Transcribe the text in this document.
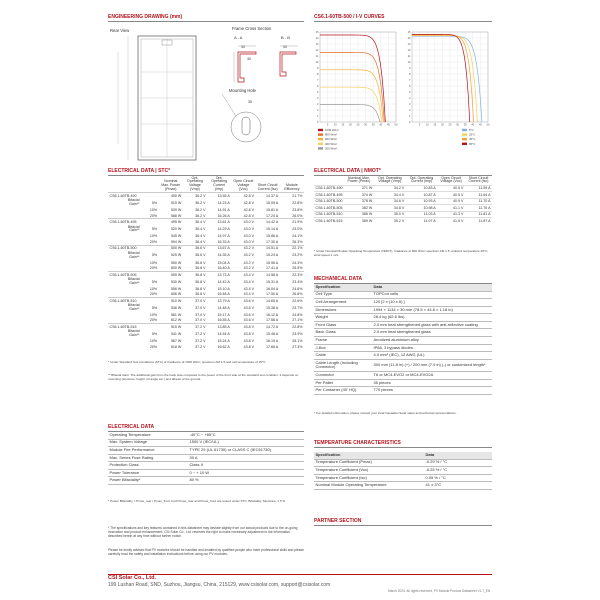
ENGINEERING DRAWING (mm)
Rear View	Frame Cross Section
A - A	B - B
Mounting Hole
30	30
30
35
CS6.1-60TB-500 / I-V CURVES
15
14
13
12
11
10
9
8
7
6
5
4
3
2
1
0
5 10 15 20 25 30 35 40 45 50
1000 W/m²
800 W/m²
600 W/m²
400 W/m²
200 W/m²
15
14
13
12
11
10
9
8
7
6
5
4
3
2
1
0
5 10 15 20 25 30 35 40 45 50
5°C
25°C
45°C
65°C
ELECTRICAL DATA | STC*
		Nominal Max. Power (Pmax)	Opt. Operating Voltage (Vmp)	Opt. Operating Current (Imp)	Open Circuit Voltage (Voc)	Short Circuit Current (Isc)	Module Efficiency
CS6.1-60TB-490		490 W	36.2 V	13.55 A	42.8 V	14.37 A	21.7%
Bifacial Gain**	5%	515 W	36.2 V	14.23 A	42.8 V	15.09 A	22.8%
	10%	539 W	36.2 V	14.91 A	42.8 V	15.81 A	23.8%
	20%	588 W	36.2 V	16.26 A	42.8 V	17.24 A	26.0%
CS6.1-60TB-495		495 W	36.4 V	13.61 A	43.0 V	14.42 A	21.9%
Bifacial Gain**	5%	520 W	36.4 V	14.29 A	43.0 V	15.14 A	23.0%
	10%	545 W	36.4 V	14.97 A	43.0 V	15.86 A	24.1%
	20%	594 W	36.4 V	16.33 A	43.0 V	17.30 A	26.3%
CS6.1-60TB-500		500 W	36.6 V	13.67 A	43.2 V	14.51 A	22.1%
Bifacial Gain**	5%	525 W	36.6 V	14.35 A	43.2 V	15.24 A	23.2%
	10%	550 W	36.6 V	15.04 A	43.2 V	15.96 A	24.3%
	20%	600 W	36.6 V	16.40 A	43.2 V	17.41 A	26.5%
CS6.1-60TB-505		505 W	36.8 V	13.73 A	43.4 V	14.58 A	22.3%
Bifacial Gain**	5%	530 W	36.8 V	14.42 A	43.4 V	15.31 A	23.4%
	10%	556 W	36.8 V	15.10 A	43.4 V	16.04 A	24.6%
	20%	606 W	36.8 V	16.48 A	43.4 V	17.50 A	26.8%
CS6.1-60TB-510		510 W	37.0 V	13.79 A	43.6 V	14.65 A	22.6%
Bifacial Gain**	5%	536 W	37.0 V	14.48 A	43.6 V	15.38 A	23.7%
	10%	561 W	37.0 V	15.17 A	43.6 V	16.12 A	24.8%
	20%	612 W	37.0 V	16.55 A	43.6 V	17.58 A	27.1%
CS6.1-60TB-515		515 W	37.2 V	13.85 A	43.8 V	14.72 A	22.8%
Bifacial Gain**	5%	541 W	37.2 V	14.54 A	43.8 V	15.46 A	23.9%
	10%	567 W	37.2 V	15.24 A	43.8 V	16.19 A	25.1%
	20%	618 W	37.2 V	16.62 A	43.8 V	17.66 A	27.3%
* Under Standard Test Conditions (STC) of irradiance of 1000 W/m², spectrum AM 1.5 and cell temperature of 25°C.
** Bifacial Gain: The additional gain from the back side compared to the power of the front side at the standard test condition. It depends on mounting (structure, height, tilt angle etc.) and albedo of the ground.
ELECTRICAL DATA | NMOT*
	Nominal Max. Power (Pmax)	Opt. Operating Voltage (Vmp)	Opt. Operating Current (Imp)	Open Circuit Voltage (Voc)	Short Circuit Current (Isc)
CS6.1-60TB-490	371 W	34.2 V	10.83 A	40.5 V	11.59 A
CS6.1-60TB-495	374 W	34.4 V	10.87 A	40.5 V	11.64 A
CS6.1-60TB-500	378 W	34.6 V	10.93 A	40.9 V	11.70 A
CS6.1-60TB-505	382 W	34.8 V	10.98 A	41.1 V	11.76 A
CS6.1-60TB-510	386 W	35.0 V	11.03 A	41.3 V	11.81 A
CS6.1-60TB-515	389 W	35.2 V	11.07 A	41.5 V	11.87 A
* Under Nominal Module Operating Temperature (NMOT), irradiance of 800 W/m² spectrum AM 1.5, ambient temperature 20°C, wind speed 1 m/s.
MECHANICAL DATA
Specification	Data
Cell Type	TOPCon cells
Cell Arrangement	120 [2 x (10 x 6) ]
Dimensions	1994 × 1134 × 30 mm (78.5 × 44.6 × 1.18 in)
Weight	28.4 kg (62.6 lbs)
Front Glass	2.0 mm heat strengthened glass with anti-reflective coating
Back Glass	2.0 mm heat strengthened glass
Frame	Anodized aluminium alloy
J-Box	IP68, 3 bypass diodes
Cable	4.0 mm² (IEC), 12 AWG (UL)
Cable Length (Including Connector)	300 mm (11.8 in) (+) / 200 mm (7.9 in) (-) or customized length*
Connector	T6 or MC4-EVO2 or MC4-EVO2A
Per Pallet	35 pieces
Per Container (40' HQ)	770 pieces
* For detailed information, please contact your local Canadian Solar sales and technical representatives.
ELECTRICAL DATA
Operating Temperature	-40°C ~ +85°C
Max. System Voltage	1500 V (IEC/UL)
Module Fire Performance	TYPE 29 (UL 61730) or CLASS C (IEC61730)
Max. Series Fuse Rating	30 A
Protection Class	Class II
Power Tolerance	0 ~ + 10 W
Power Bifaciality*	80 %
* Power Bifaciality = Pmax_rear / Pmax_front, both Pmax_rear and Pmax_front are tested under STC, Bifaciality Tolerance: ± 5 %
TEMPERATURE CHARACTERISTICS
Specification	Data
Temperature Coefficient (Pmax)	-0.29 % / °C
Temperature Coefficient (Voc)	-0.25 % / °C
Temperature Coefficient (Isc)	0.05 % / °C
Nominal Module Operating Temperature	41 ± 3°C
PARTNER SECTION
* The specifications and key features contained in this datasheet may deviate slightly from our actual products due to the on-going innovation and product enhancement. CSI Solar Co., Ltd. reserves the right to make necessary adjustment to the information described herein at any time without further notice.
Please be kindly advised that PV modules should be handled and installed by qualified people who have professional skills and please carefully read the safety and installation instructions before using our PV modules.
CSI Solar Co., Ltd.
199 Lushan Road, SND, Suzhou, Jiangsu, China, 215129, www.csisolar.com, support@csisolar.com
March 2024. All rights reserved, PV Module Product Datasheet V1.7_EN
